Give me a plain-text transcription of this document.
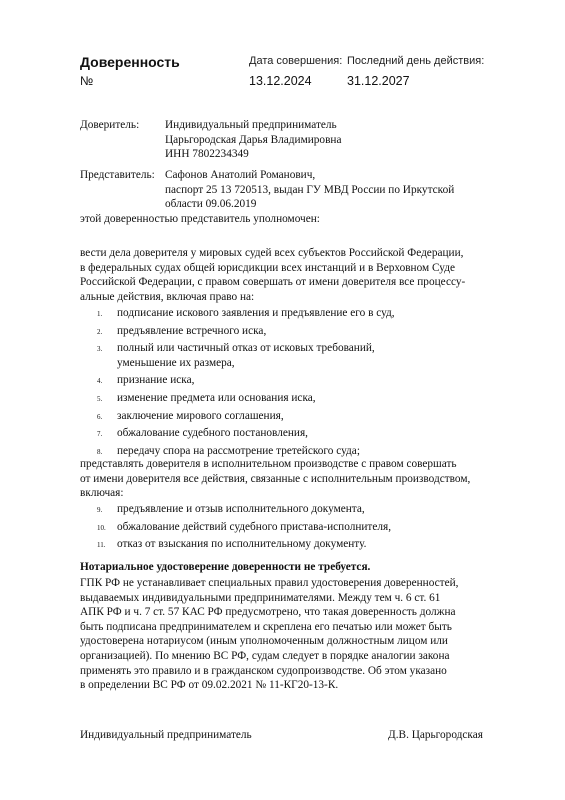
Доверенность
№
Дата совершения:
13.12.2024
Последний день действия:
31.12.2027
Доверитель: Индивидуальный предприниматель
Царьгородская Дарья Владимировна
ИНН 7802234349
Представитель: Сафонов Анатолий Романович,
паспорт 25 13 720513, выдан ГУ МВД России по Иркутской
области 09.06.2019
этой доверенностью представитель уполномочен:
вести дела доверителя у мировых судей всех субъектов Российской Федерации,
в федеральных судах общей юрисдикции всех инстанций и в Верховном Суде
Российской Федерации, с правом совершать от имени доверителя все процессу-
альные действия, включая право на:
1. подписание искового заявления и предъявление его в суд,
2. предъявление встречного иска,
3. полный или частичный отказ от исковых требований,
уменьшение их размера,
4. признание иска,
5. изменение предмета или основания иска,
6. заключение мирового соглашения,
7. обжалование судебного постановления,
8. передачу спора на рассмотрение третейского суда;
представлять доверителя в исполнительном производстве с правом совершать
от имени доверителя все действия, связанные с исполнительным производством,
включая:
9. предъявление и отзыв исполнительного документа,
10. обжалование действий судебного пристава-исполнителя,
11. отказ от взыскания по исполнительному документу.
Нотариальное удостоверение доверенности не требуется.
ГПК РФ не устанавливает специальных правил удостоверения доверенностей,
выдаваемых индивидуальными предпринимателями. Между тем ч. 6 ст. 61
АПК РФ и ч. 7 ст. 57 КАС РФ предусмотрено, что такая доверенность должна
быть подписана предпринимателем и скреплена его печатью или может быть
удостоверена нотариусом (иным уполномоченным должностным лицом или
организацией). По мнению ВС РФ, судам следует в порядке аналогии закона
применять это правило и в гражданском судопроизводстве. Об этом указано
в определении ВС РФ от 09.02.2021 № 11-КГ20-13-К.
Индивидуальный предприниматель	Д.В. Царьгородская
